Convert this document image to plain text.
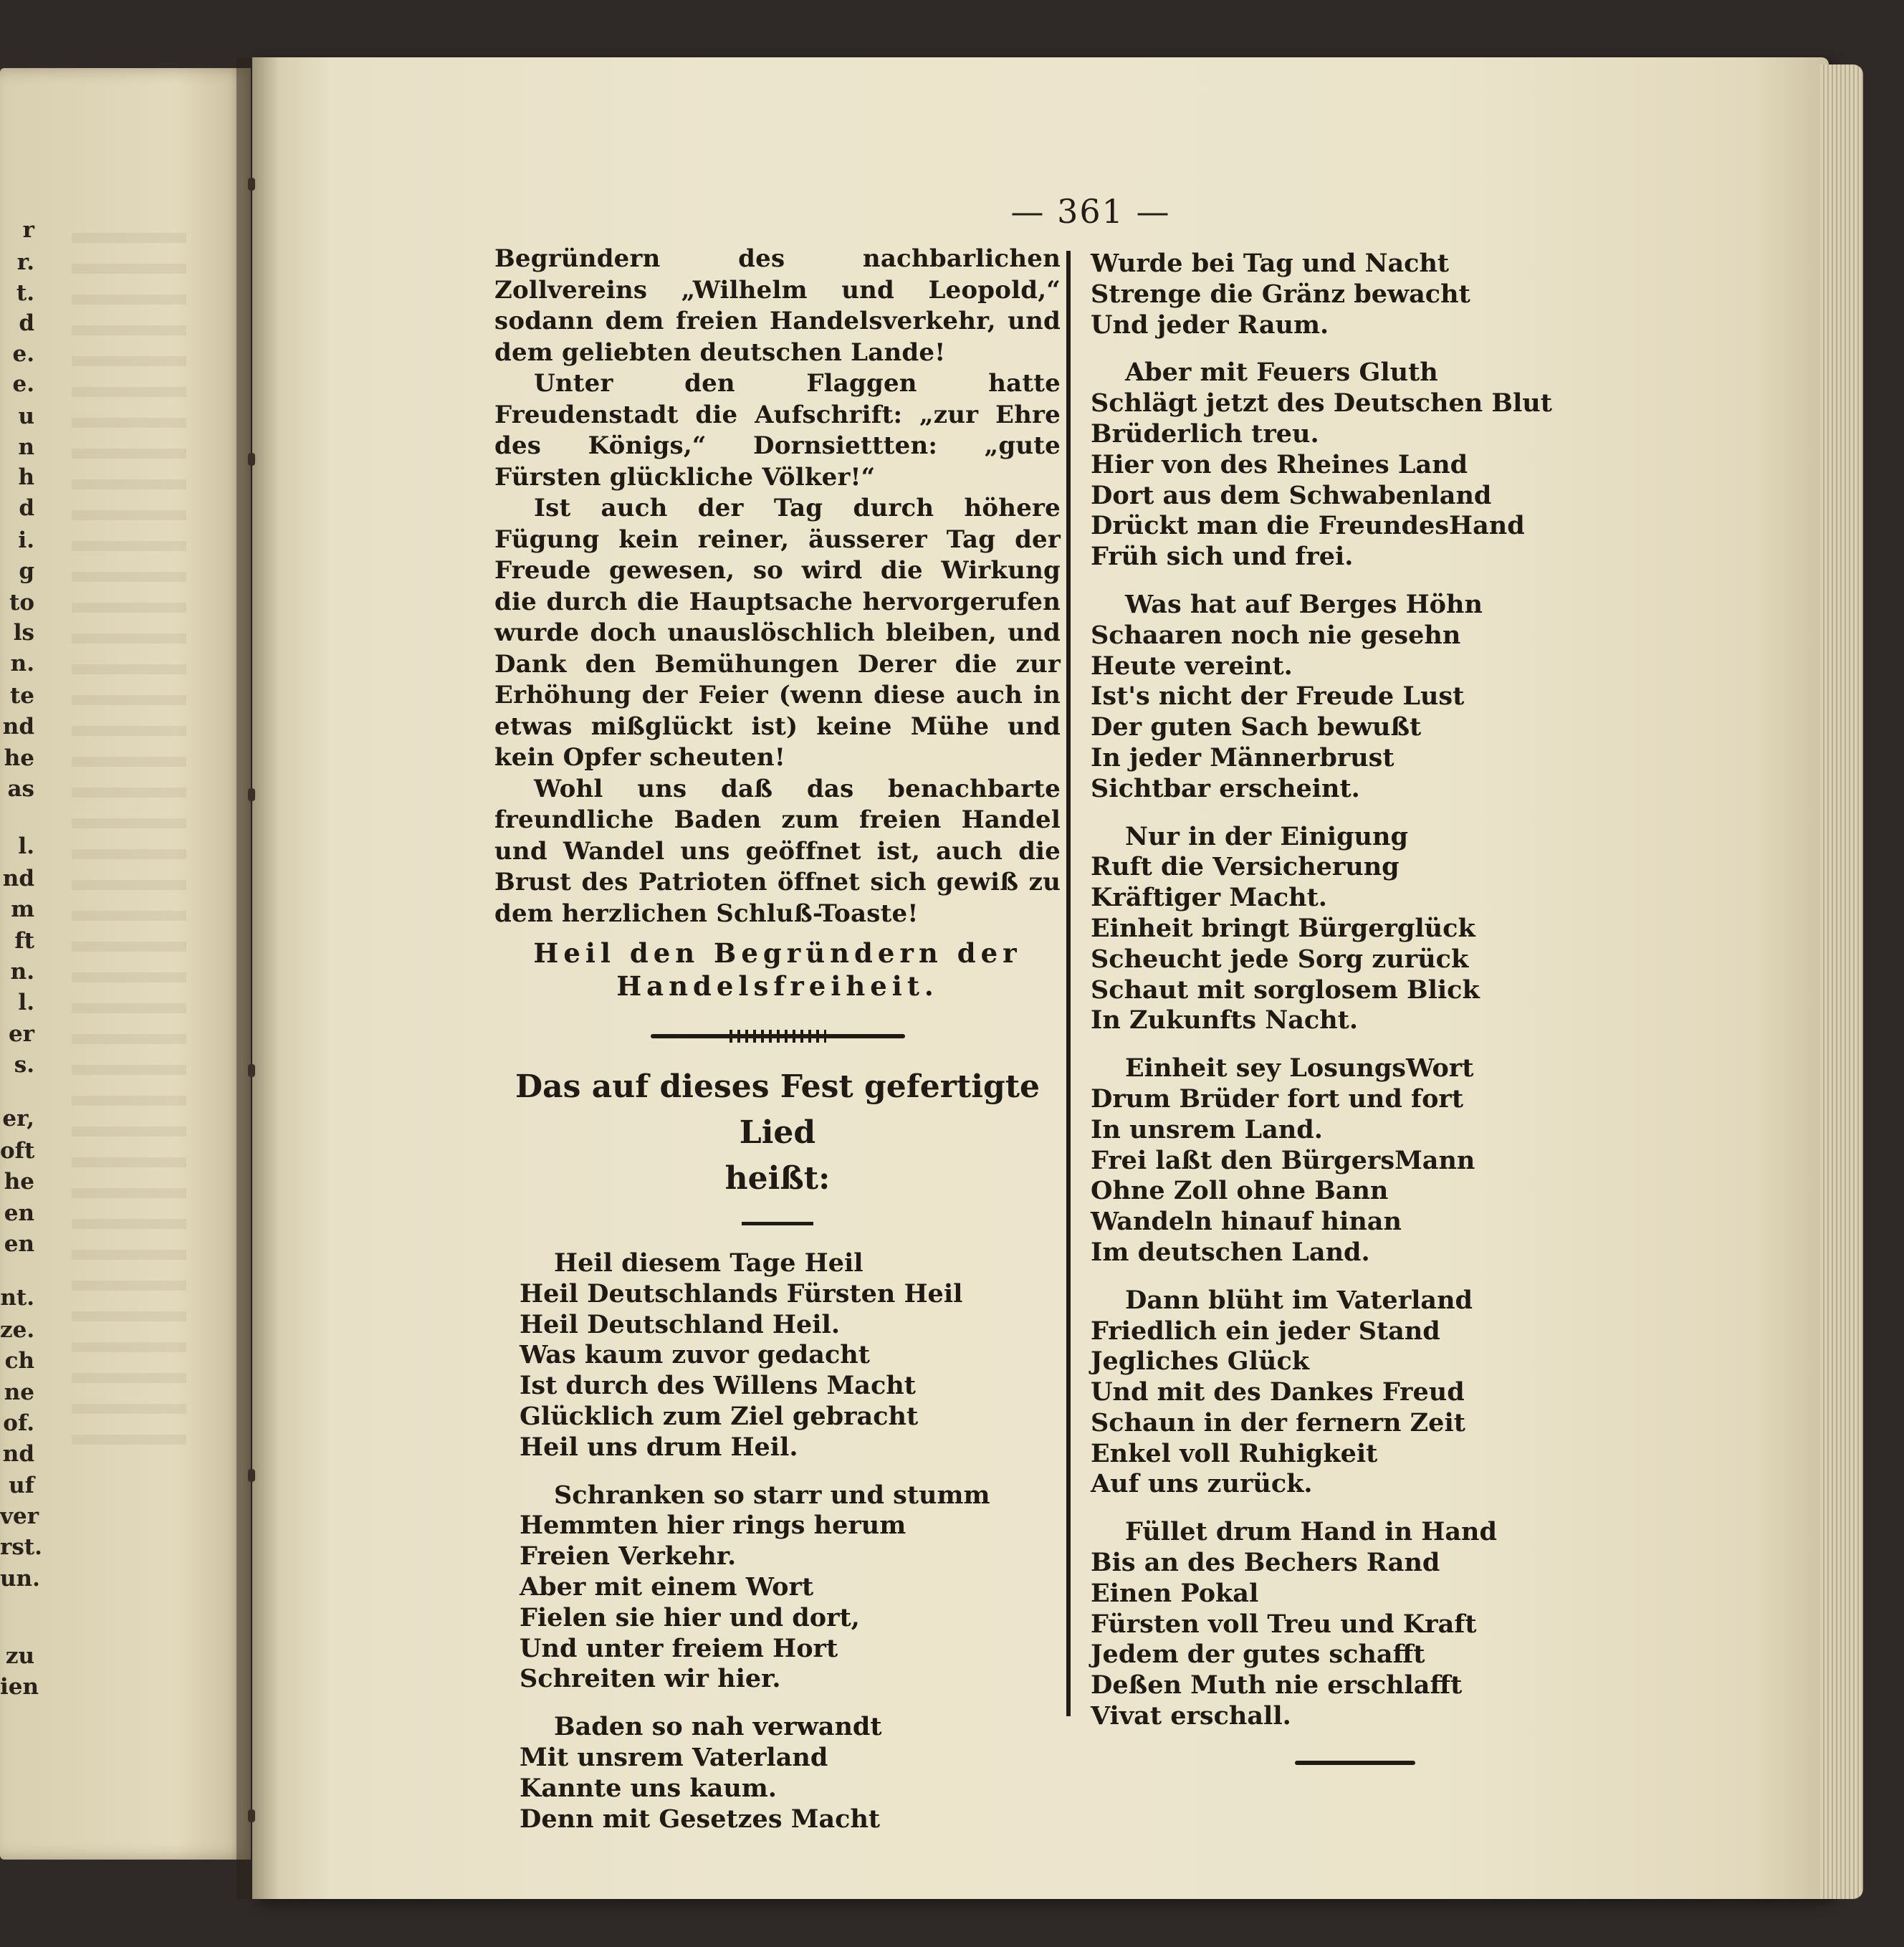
r
r.
t.
d
e.
e.
u
n
h
d
i.
g
to
ls
n.
te
nd
he
as
l.
nd
m
ft
n.
l.
er
s.
er,
oft
he
en
en
nt.
ze.
ch
ne
of.
nd
uf
ver
rst.
un.
zu
ien
— 361 —

Begründern des nachbarlichen Zollvereins „Wilhelm und Leopold,“ sodann dem freien Handelsverkehr, und dem geliebten deutschen Lande!

Unter den Flaggen hatte Freudenstadt die Aufschrift: „zur Ehre des Königs,“ Dornsiettten: „gute Fürsten glückliche Völker!“

Ist auch der Tag durch höhere Fügung kein reiner, äusserer Tag der Freude gewesen, so wird die Wirkung die durch die Hauptsache hervorgerufen wurde doch unauslöschlich bleiben, und Dank den Bemühungen Derer die zur Erhöhung der Feier (wenn diese auch in etwas mißglückt ist) keine Mühe und kein Opfer scheuten!

Wohl uns daß das benachbarte freundliche Baden zum freien Handel und Wandel uns geöffnet ist, auch die Brust des Patrioten öffnet sich gewiß zu dem herzlichen Schluß-Toaste!

Heil den Begründern der
Handelsfreiheit.
Das auf dieses Fest gefertigte Lied
heißt:
Heil diesem Tage Heil
Heil Deutschlands Fürsten Heil
Heil Deutschland Heil.
Was kaum zuvor gedacht
Ist durch des Willens Macht
Glücklich zum Ziel gebracht
Heil uns drum Heil.
Schranken so starr und stumm
Hemmten hier rings herum
Freien Verkehr.
Aber mit einem Wort
Fielen sie hier und dort,
Und unter freiem Hort
Schreiten wir hier.
Baden so nah verwandt
Mit unsrem Vaterland
Kannte uns kaum.
Denn mit Gesetzes Macht
Wurde bei Tag und Nacht
Strenge die Gränz bewacht
Und jeder Raum.
Aber mit Feuers Gluth
Schlägt jetzt des Deutschen Blut
Brüderlich treu.
Hier von des Rheines Land
Dort aus dem Schwabenland
Drückt man die FreundesHand
Früh sich und frei.
Was hat auf Berges Höhn
Schaaren noch nie gesehn
Heute vereint.
Ist's nicht der Freude Lust
Der guten Sach bewußt
In jeder Männerbrust
Sichtbar erscheint.
Nur in der Einigung
Ruft die Versicherung
Kräftiger Macht.
Einheit bringt Bürgerglück
Scheucht jede Sorg zurück
Schaut mit sorglosem Blick
In Zukunfts Nacht.
Einheit sey LosungsWort
Drum Brüder fort und fort
In unsrem Land.
Frei laßt den BürgersMann
Ohne Zoll ohne Bann
Wandeln hinauf hinan
Im deutschen Land.
Dann blüht im Vaterland
Friedlich ein jeder Stand
Jegliches Glück
Und mit des Dankes Freud
Schaun in der fernern Zeit
Enkel voll Ruhigkeit
Auf uns zurück.
Füllet drum Hand in Hand
Bis an des Bechers Rand
Einen Pokal
Fürsten voll Treu und Kraft
Jedem der gutes schafft
Deßen Muth nie erschlafft
Vivat erschall.
